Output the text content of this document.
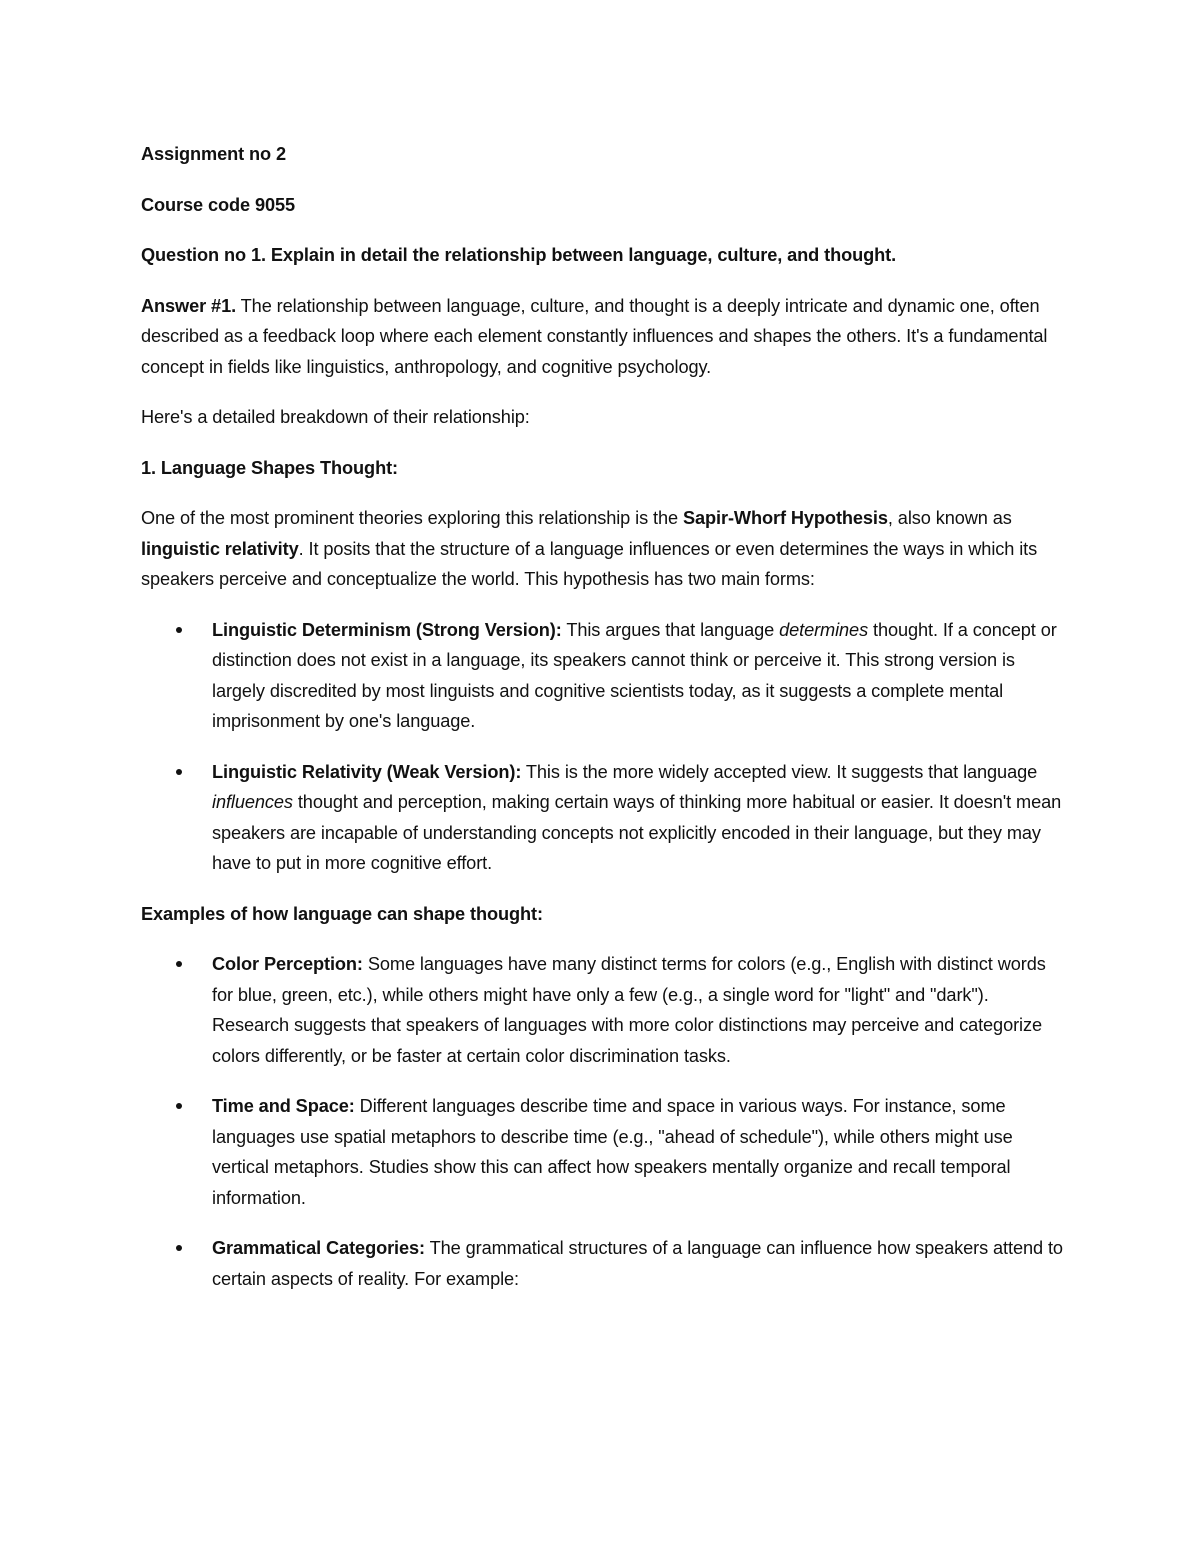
Assignment no 2

Course code 9055

Question no 1. Explain in detail the relationship between language, culture, and thought.

Answer #1. The relationship between language, culture, and thought is a deeply intricate and dynamic one, often described as a feedback loop where each element constantly influences and shapes the others. It's a fundamental concept in fields like linguistics, anthropology, and cognitive psychology.

Here's a detailed breakdown of their relationship:

1. Language Shapes Thought:

One of the most prominent theories exploring this relationship is the Sapir-Whorf Hypothesis, also known as linguistic relativity. It posits that the structure of a language influences or even determines the ways in which its speakers perceive and conceptualize the world. This hypothesis has two main forms:

Linguistic Determinism (Strong Version): This argues that language determines thought. If a concept or distinction does not exist in a language, its speakers cannot think or perceive it. This strong version is largely discredited by most linguists and cognitive scientists today, as it suggests a complete mental imprisonment by one's language.
Linguistic Relativity (Weak Version): This is the more widely accepted view. It suggests that language influences thought and perception, making certain ways of thinking more habitual or easier. It doesn't mean speakers are incapable of understanding concepts not explicitly encoded in their language, but they may have to put in more cognitive effort.

Examples of how language can shape thought:

Color Perception: Some languages have many distinct terms for colors (e.g., English with distinct words for blue, green, etc.), while others might have only a few (e.g., a single word for "light" and "dark"). Research suggests that speakers of languages with more color distinctions may perceive and categorize colors differently, or be faster at certain color discrimination tasks.
Time and Space: Different languages describe time and space in various ways. For instance, some languages use spatial metaphors to describe time (e.g., "ahead of schedule"), while others might use vertical metaphors. Studies show this can affect how speakers mentally organize and recall temporal information.
Grammatical Categories: The grammatical structures of a language can influence how speakers attend to certain aspects of reality. For example:
